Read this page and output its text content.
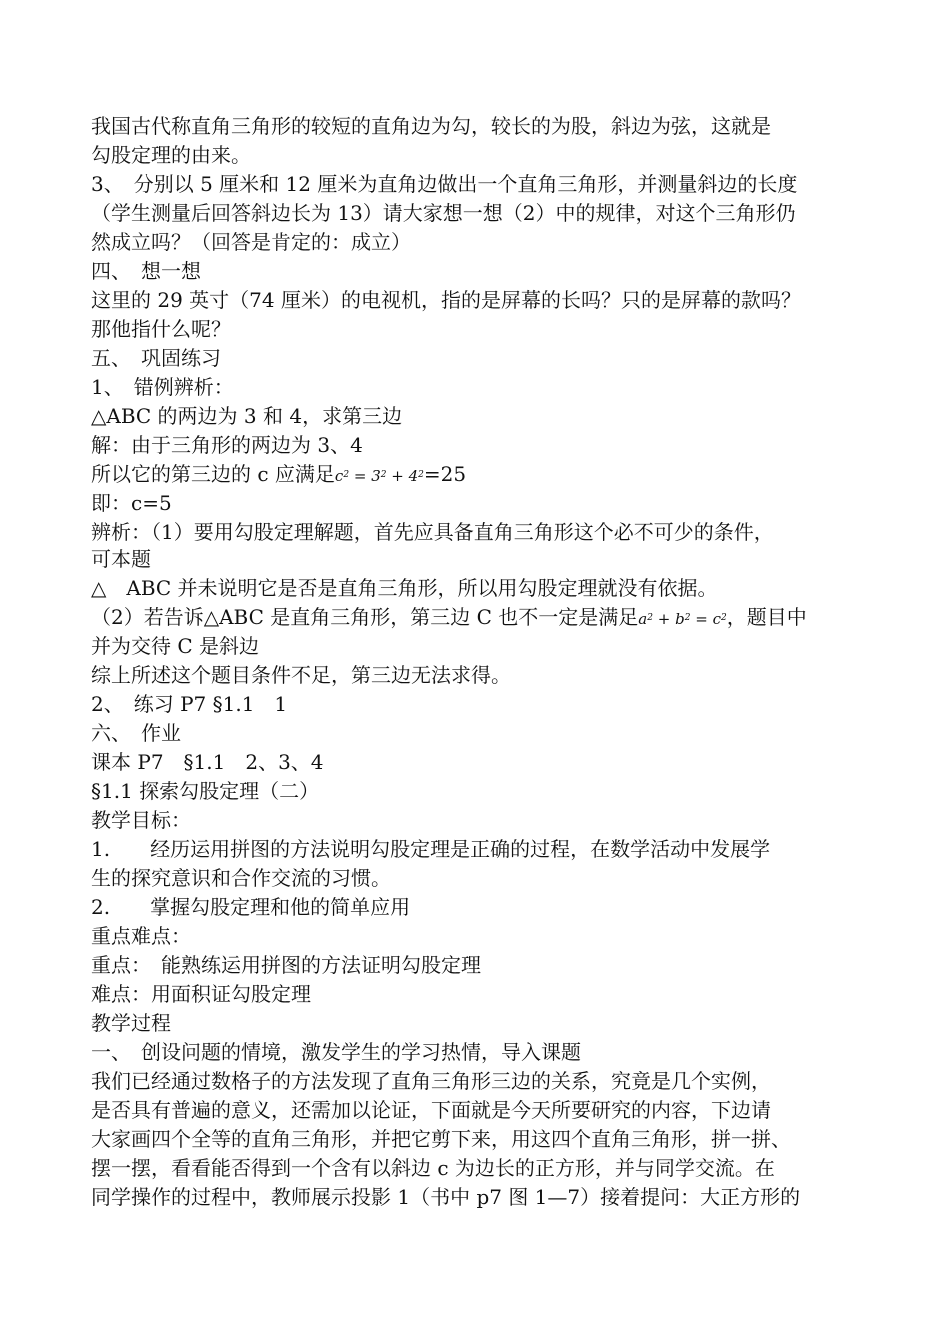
我国古代称直角三角形的较短的直角边为勾，较长的为股，斜边为弦，这就是
勾股定理的由来。
3、　分别以 5 厘米和 12 厘米为直角边做出一个直角三角形，并测量斜边的长度
（学生测量后回答斜边长为 13）请大家想一想（2）中的规律，对这个三角形仍
然成立吗？（回答是肯定的：成立）
四、　想一想
这里的 29 英寸（74 厘米）的电视机，指的是屏幕的长吗？只的是屏幕的款吗？
那他指什么呢？
五、　巩固练习
1、　错例辨析：
△ABC 的两边为 3 和 4，求第三边
解：由于三角形的两边为 3、4
所以它的第三边的 c 应满足$c^2 = 3^2 + 4^2=25$
即：c=5
辨析：（1）要用勾股定理解题，首先应具备直角三角形这个必不可少的条件，
可本题
△　ABC 并未说明它是否是直角三角形，所以用勾股定理就没有依据。
（2）若告诉△ABC 是直角三角形，第三边 C 也不一定是满足$a^2 + b^2 = c^2$，题目中
并为交待 C 是斜边
综上所述这个题目条件不足，第三边无法求得。
2、　练习 P7 §1.1　1
六、　作业
课本 P7　§1.1　2、3、4
§1.1 探索勾股定理（二）
教学目标：
1.　　经历运用拼图的方法说明勾股定理是正确的过程，在数学活动中发展学
生的探究意识和合作交流的习惯。
2.　　掌握勾股定理和他的简单应用
重点难点：
重点：　能熟练运用拼图的方法证明勾股定理
难点：用面积证勾股定理
教学过程
一、　创设问题的情境，激发学生的学习热情，导入课题
我们已经通过数格子的方法发现了直角三角形三边的关系，究竟是几个实例，
是否具有普遍的意义，还需加以论证，下面就是今天所要研究的内容，下边请
大家画四个全等的直角三角形，并把它剪下来，用这四个直角三角形，拼一拼、
摆一摆，看看能否得到一个含有以斜边 c 为边长的正方形，并与同学交流。在
同学操作的过程中，教师展示投影 1（书中 p7 图 1—7）接着提问：大正方形的
